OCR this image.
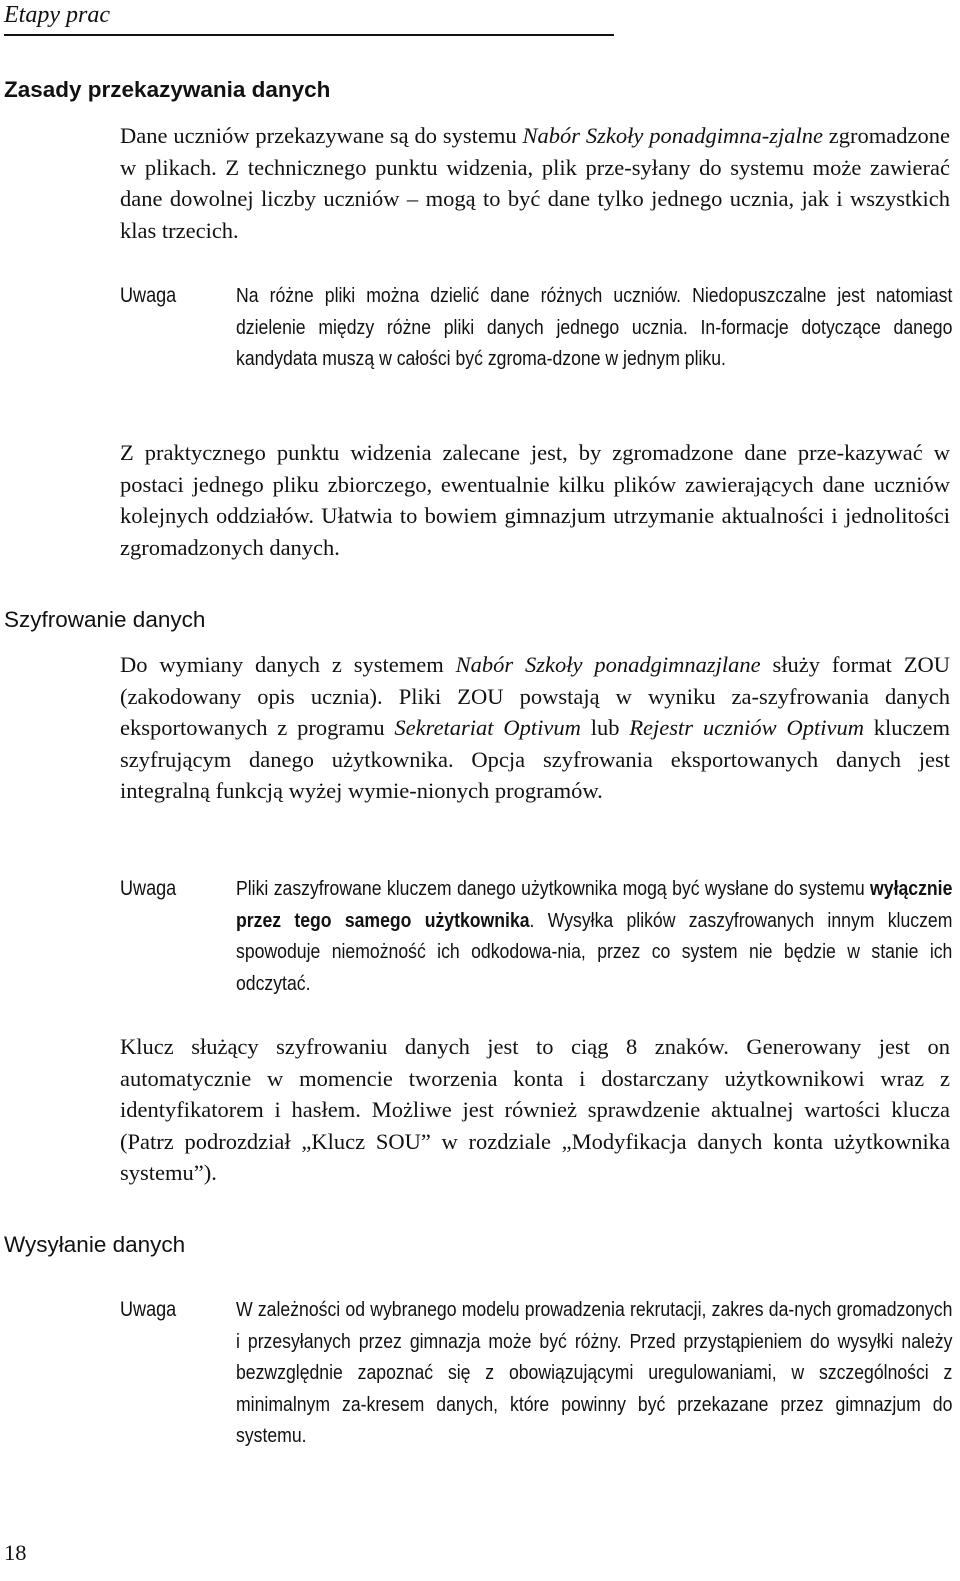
Etapy prac
Zasady przekazywania danych

Dane uczniów przekazywane są do systemu Nabór Szkoły ponadgimna-zjalne zgromadzone w plikach. Z technicznego punktu widzenia, plik prze-syłany do systemu może zawierać dane dowolnej liczby uczniów – mogą to być dane tylko jednego ucznia, jak i wszystkich klas trzecich.

Uwaga	Na różne pliki można dzielić dane różnych uczniów. Niedopuszczalne jest natomiast dzielenie między różne pliki danych jednego ucznia. In-formacje dotyczące danego kandydata muszą w całości być zgroma-dzone w jednym pliku.

Z praktycznego punktu widzenia zalecane jest, by zgromadzone dane prze-kazywać w postaci jednego pliku zbiorczego, ewentualnie kilku plików zawierających dane uczniów kolejnych oddziałów. Ułatwia to bowiem gimnazjum utrzymanie aktualności i jednolitości zgromadzonych danych.

Szyfrowanie danych

Do wymiany danych z systemem Nabór Szkoły ponadgimnazjlane służy format ZOU (zakodowany opis ucznia). Pliki ZOU powstają w wyniku za-szyfrowania danych eksportowanych z programu Sekretariat Optivum lub Rejestr uczniów Optivum kluczem szyfrującym danego użytkownika. Opcja szyfrowania eksportowanych danych jest integralną funkcją wyżej wymie-nionych programów.

Uwaga	Pliki zaszyfrowane kluczem danego użytkownika mogą być wysłane do systemu wyłącznie przez tego samego użytkownika. Wysyłka plików zaszyfrowanych innym kluczem spowoduje niemożność ich odkodowa-nia, przez co system nie będzie w stanie ich odczytać.

Klucz służący szyfrowaniu danych jest to ciąg 8 znaków. Generowany jest on automatycznie w momencie tworzenia konta i dostarczany użytkownikowi wraz z identyfikatorem i hasłem. Możliwe jest również sprawdzenie aktualnej wartości klucza (Patrz podrozdział „Klucz SOU” w rozdziale „Modyfikacja danych konta użytkownika systemu”).

Wysyłanie danych
Uwaga	W zależności od wybranego modelu prowadzenia rekrutacji, zakres da-nych gromadzonych i przesyłanych przez gimnazja może być różny. Przed przystąpieniem do wysyłki należy bezwzględnie zapoznać się z obowiązującymi uregulowaniami, w szczególności z minimalnym za-kresem danych, które powinny być przekazane przez gimnazjum do systemu.

18
